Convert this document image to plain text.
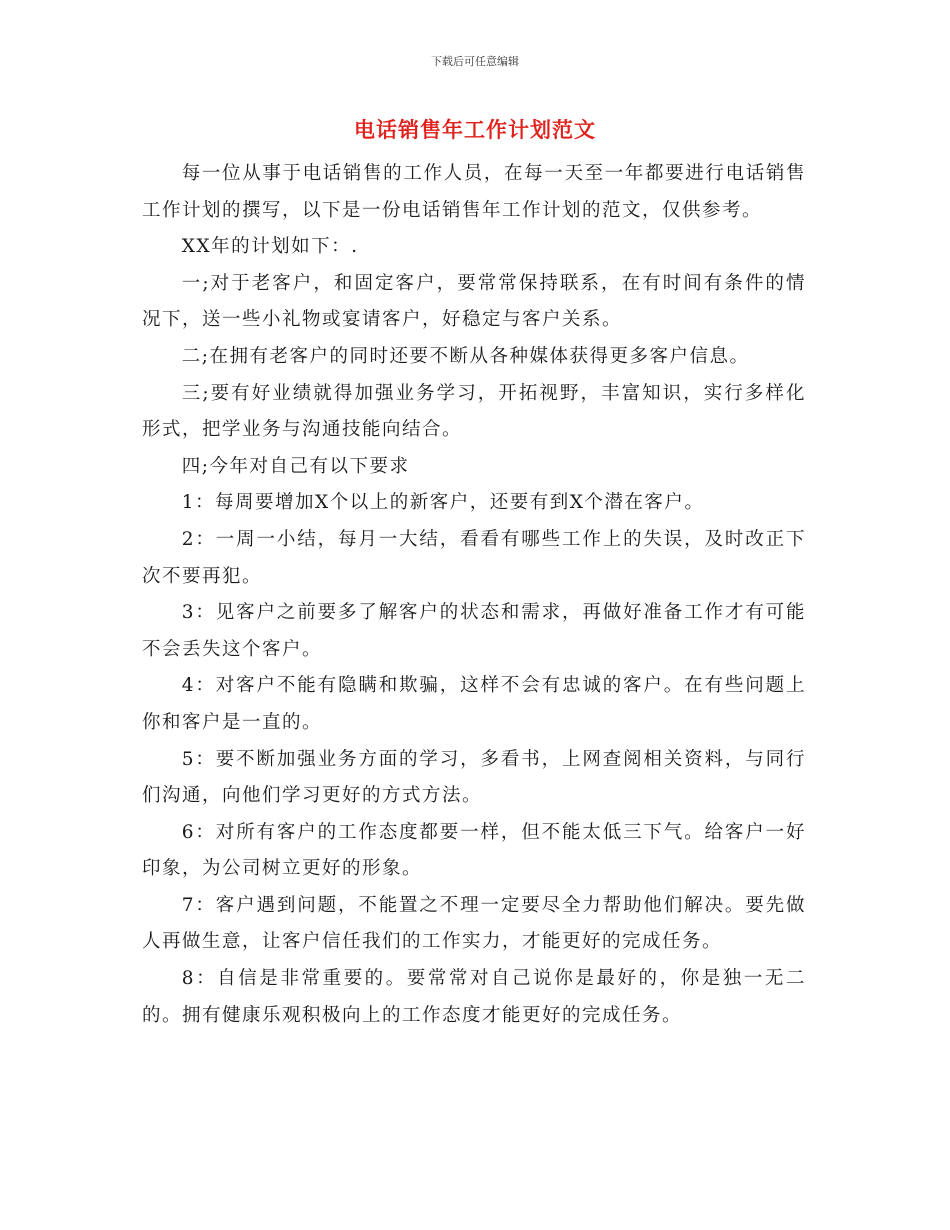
下载后可任意编辑
电话销售年工作计划范文

每一位从事于电话销售的工作人员，在每一天至一年都要进行电话销售工作计划的撰写，以下是一份电话销售年工作计划的范文，仅供参考。

XX年的计划如下：.

一;对于老客户，和固定客户，要常常保持联系，在有时间有条件的情况下，送一些小礼物或宴请客户，好稳定与客户关系。

二;在拥有老客户的同时还要不断从各种媒体获得更多客户信息。

三;要有好业绩就得加强业务学习，开拓视野，丰富知识，实行多样化形式，把学业务与沟通技能向结合。

四;今年对自己有以下要求

1：每周要增加X个以上的新客户，还要有到X个潜在客户。

2：一周一小结，每月一大结，看看有哪些工作上的失误，及时改正下次不要再犯。

3：见客户之前要多了解客户的状态和需求，再做好准备工作才有可能不会丢失这个客户。

4：对客户不能有隐瞒和欺骗，这样不会有忠诚的客户。在有些问题上你和客户是一直的。

5：要不断加强业务方面的学习，多看书，上网查阅相关资料，与同行们沟通，向他们学习更好的方式方法。

6：对所有客户的工作态度都要一样，但不能太低三下气。给客户一好印象，为公司树立更好的形象。

7：客户遇到问题，不能置之不理一定要尽全力帮助他们解决。要先做人再做生意，让客户信任我们的工作实力，才能更好的完成任务。

8：自信是非常重要的。要常常对自己说你是最好的，你是独一无二的。拥有健康乐观积极向上的工作态度才能更好的完成任务。
